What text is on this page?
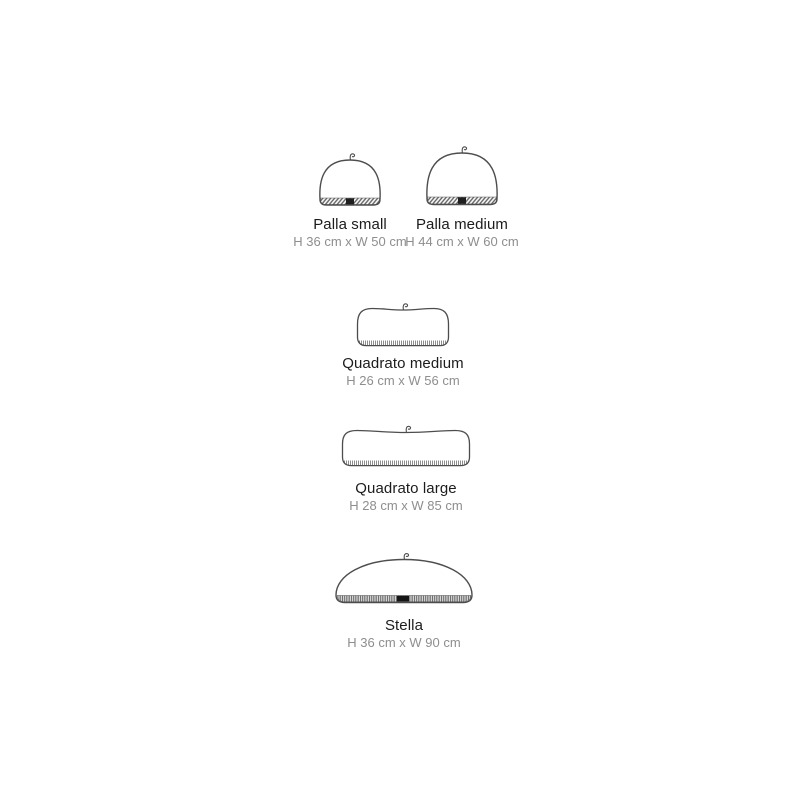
Palla small
H 36 cm x W 50 cm
Palla medium
H 44 cm x W 60 cm
Quadrato medium
H 26 cm x W 56 cm
Quadrato large
H 28 cm x W 85 cm
Stella
H 36 cm x W 90 cm
